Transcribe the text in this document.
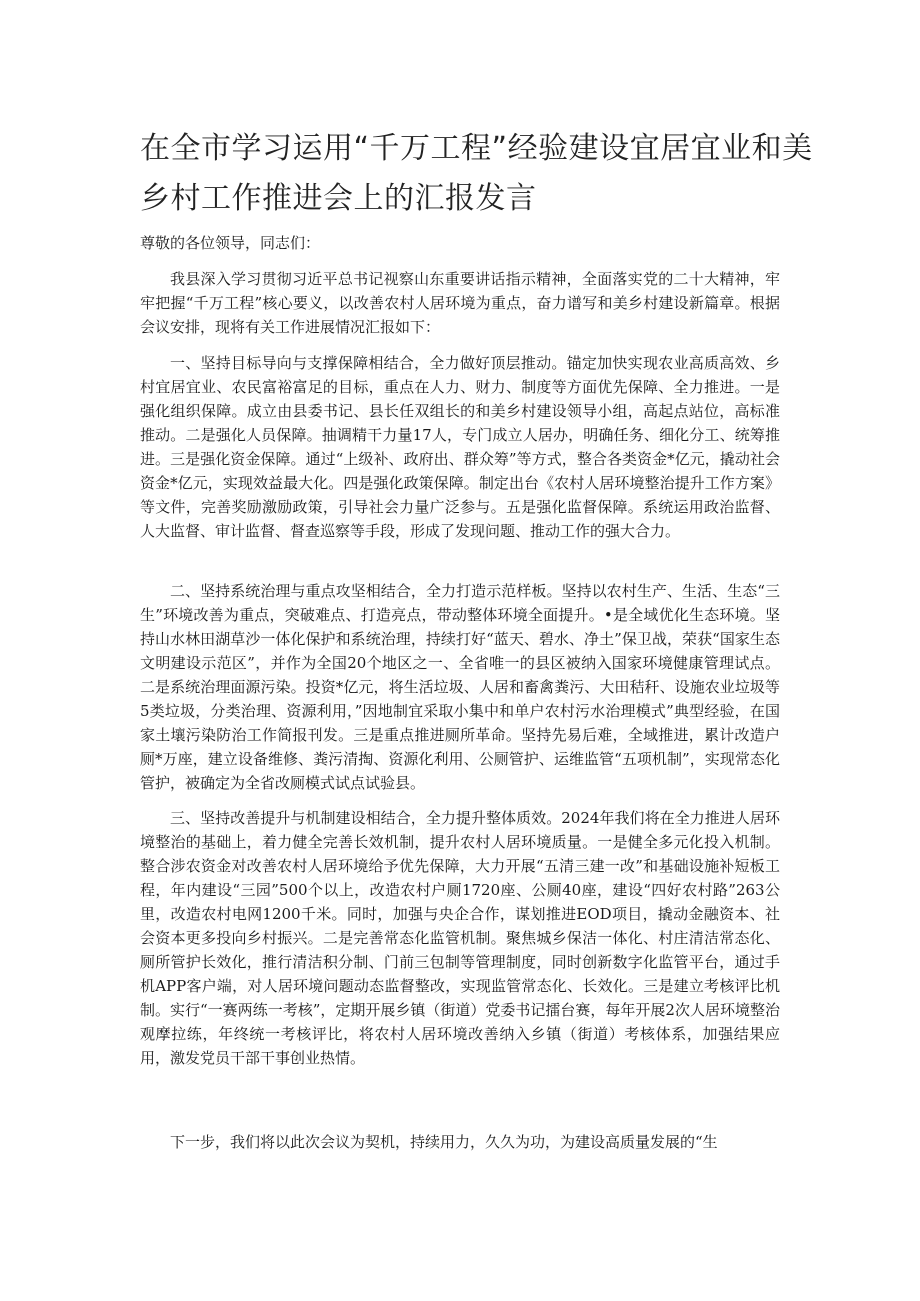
在全市学习运用“千万工程”经验建设宜居宜业和美
乡村工作推进会上的汇报发言

尊敬的各位领导，同志们：

我县深入学习贯彻习近平总书记视察山东重要讲话指示精神，全面落实党的二十大精神，牢牢把握“千万工程”核心要义，以改善农村人居环境为重点，奋力谱写和美乡村建设新篇章。根据会议安排，现将有关工作进展情况汇报如下：

一、坚持目标导向与支撑保障相结合，全力做好顶层推动。锚定加快实现农业高质高效、乡村宜居宜业、农民富裕富足的目标，重点在人力、财力、制度等方面优先保障、全力推进。一是强化组织保障。成立由县委书记、县长任双组长的和美乡村建设领导小组，高起点站位，高标准推动。二是强化人员保障。抽调精干力量17人，专门成立人居办，明确任务、细化分工、统筹推进。三是强化资金保障。通过“上级补、政府出、群众筹”等方式，整合各类资金*亿元，撬动社会资金*亿元，实现效益最大化。四是强化政策保障。制定出台《农村人居环境整治提升工作方案》等文件，完善奖励激励政策，引导社会力量广泛参与。五是强化监督保障。系统运用政治监督、人大监督、审计监督、督查巡察等手段，形成了发现问题、推动工作的强大合力。

二、坚持系统治理与重点攻坚相结合，全力打造示范样板。坚持以农村生产、生活、生态“三生”环境改善为重点，突破难点、打造亮点，带动整体环境全面提升。•是全域优化生态环境。坚持山水林田湖草沙一体化保护和系统治理，持续打好“蓝天、碧水、净土”保卫战，荣获“国家生态文明建设示范区”，并作为全国20个地区之一、全省唯一的县区被纳入国家环境健康管理试点。二是系统治理面源污染。投资*亿元，将生活垃圾、人居和畜禽粪污、大田秸秆、设施农业垃圾等5类垃圾，分类治理、资源利用，”因地制宜采取小集中和单户农村污水治理模式”典型经验，在国家土壤污染防治工作简报刊发。三是重点推进厕所革命。坚持先易后难，全域推进，累计改造户厕*万座，建立设备维修、粪污清掏、资源化利用、公厕管护、运维监管“五项机制”，实现常态化管护，被确定为全省改厕模式试点试验县。

三、坚持改善提升与机制建设相结合，全力提升整体质效。2024年我们将在全力推进人居环境整治的基础上，着力健全完善长效机制，提升农村人居环境质量。一是健全多元化投入机制。整合涉农资金对改善农村人居环境给予优先保障，大力开展“五清三建一改”和基础设施补短板工程，年内建设“三园”500个以上，改造农村户厕1720座、公厕40座，建设“四好农村路”263公里，改造农村电网1200千米。同时，加强与央企合作，谋划推进EOD项目，撬动金融资本、社会资本更多投向乡村振兴。二是完善常态化监管机制。聚焦城乡保洁一体化、村庄清洁常态化、厕所管护长效化，推行清洁积分制、门前三包制等管理制度，同时创新数字化监管平台，通过手机APP客户端，对人居环境问题动态监督整改，实现监管常态化、长效化。三是建立考核评比机制。实行“一赛两练一考核”，定期开展乡镇（街道）党委书记擂台赛，每年开展2次人居环境整治观摩拉练，年终统一考核评比，将农村人居环境改善纳入乡镇（街道）考核体系，加强结果应用，激发党员干部干事创业热情。

下一步，我们将以此次会议为契机，持续用力，久久为功，为建设高质量发展的“生
